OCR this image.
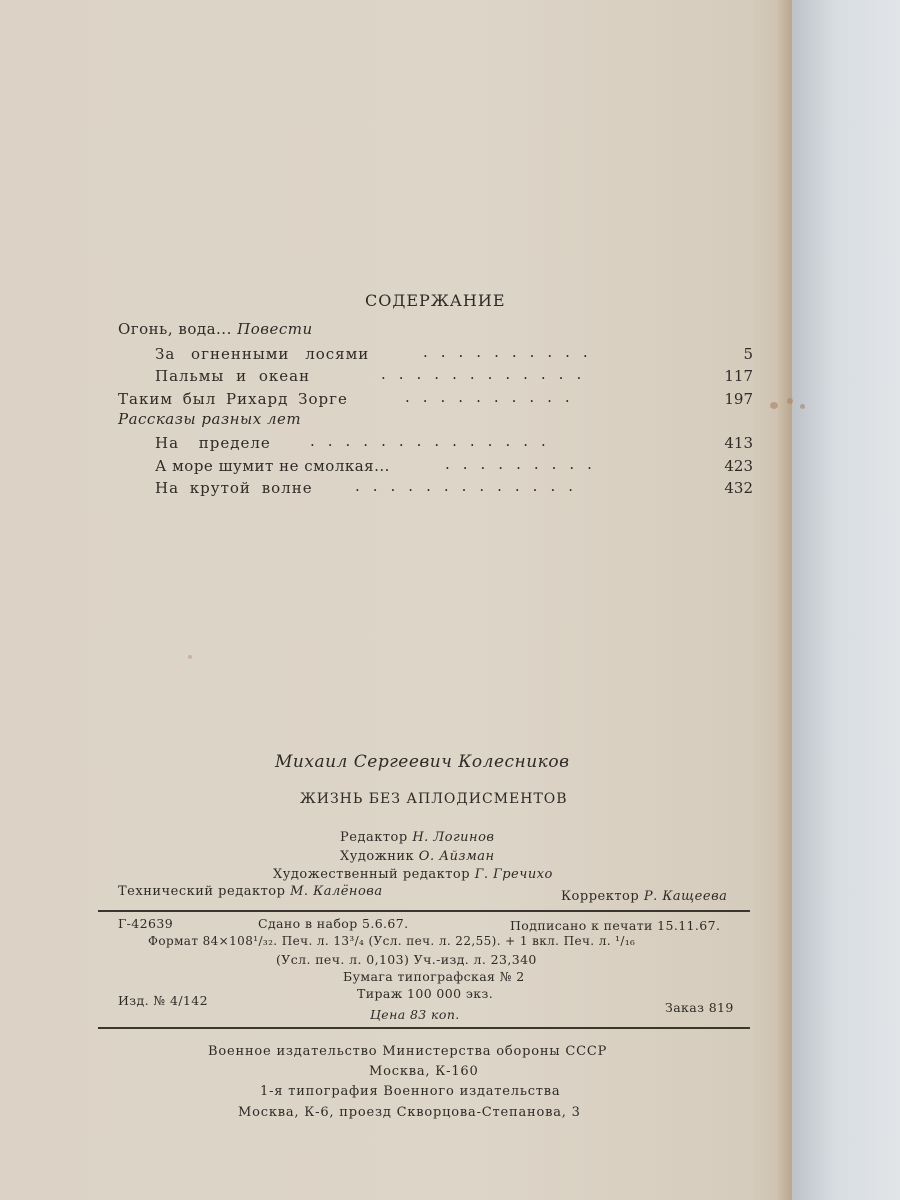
СОДЕРЖАНИЕ
Огонь, вода... Повести
За огненными лосями	..........	5
Пальмы и океан	............	117
Таким был Рихард Зорге	..........	197
Рассказы разных лет
На пределе	..............	413
А море шумит не смолкая...	.........	423
На крутой волне	.............	432
Михаил Сергеевич Колесников
ЖИЗНЬ БЕЗ АПЛОДИСМЕНТОВ
Редактор Н. Логинов
Художник О. Айзман
Художественный редактор Г. Гречихо
Технический редактор М. Калёнова	Корректор Р. Кащеева
Г-42639	Сдано в набор 5.6.67.	Подписано к печати 15.11.67.
Формат 84×108¹/₃₂. Печ. л. 13³/₄ (Усл. печ. л. 22,55). + 1 вкл. Печ. л. ¹/₁₆
(Усл. печ. л. 0,103) Уч.-изд. л. 23,340
Бумага типографская № 2
Тираж 100 000 экз.
Изд. № 4/142	Заказ 819
Цена 83 коп.
Военное издательство Министерства обороны СССР
Москва, К-160
1-я типография Военного издательства
Москва, К-6, проезд Скворцова-Степанова, 3
